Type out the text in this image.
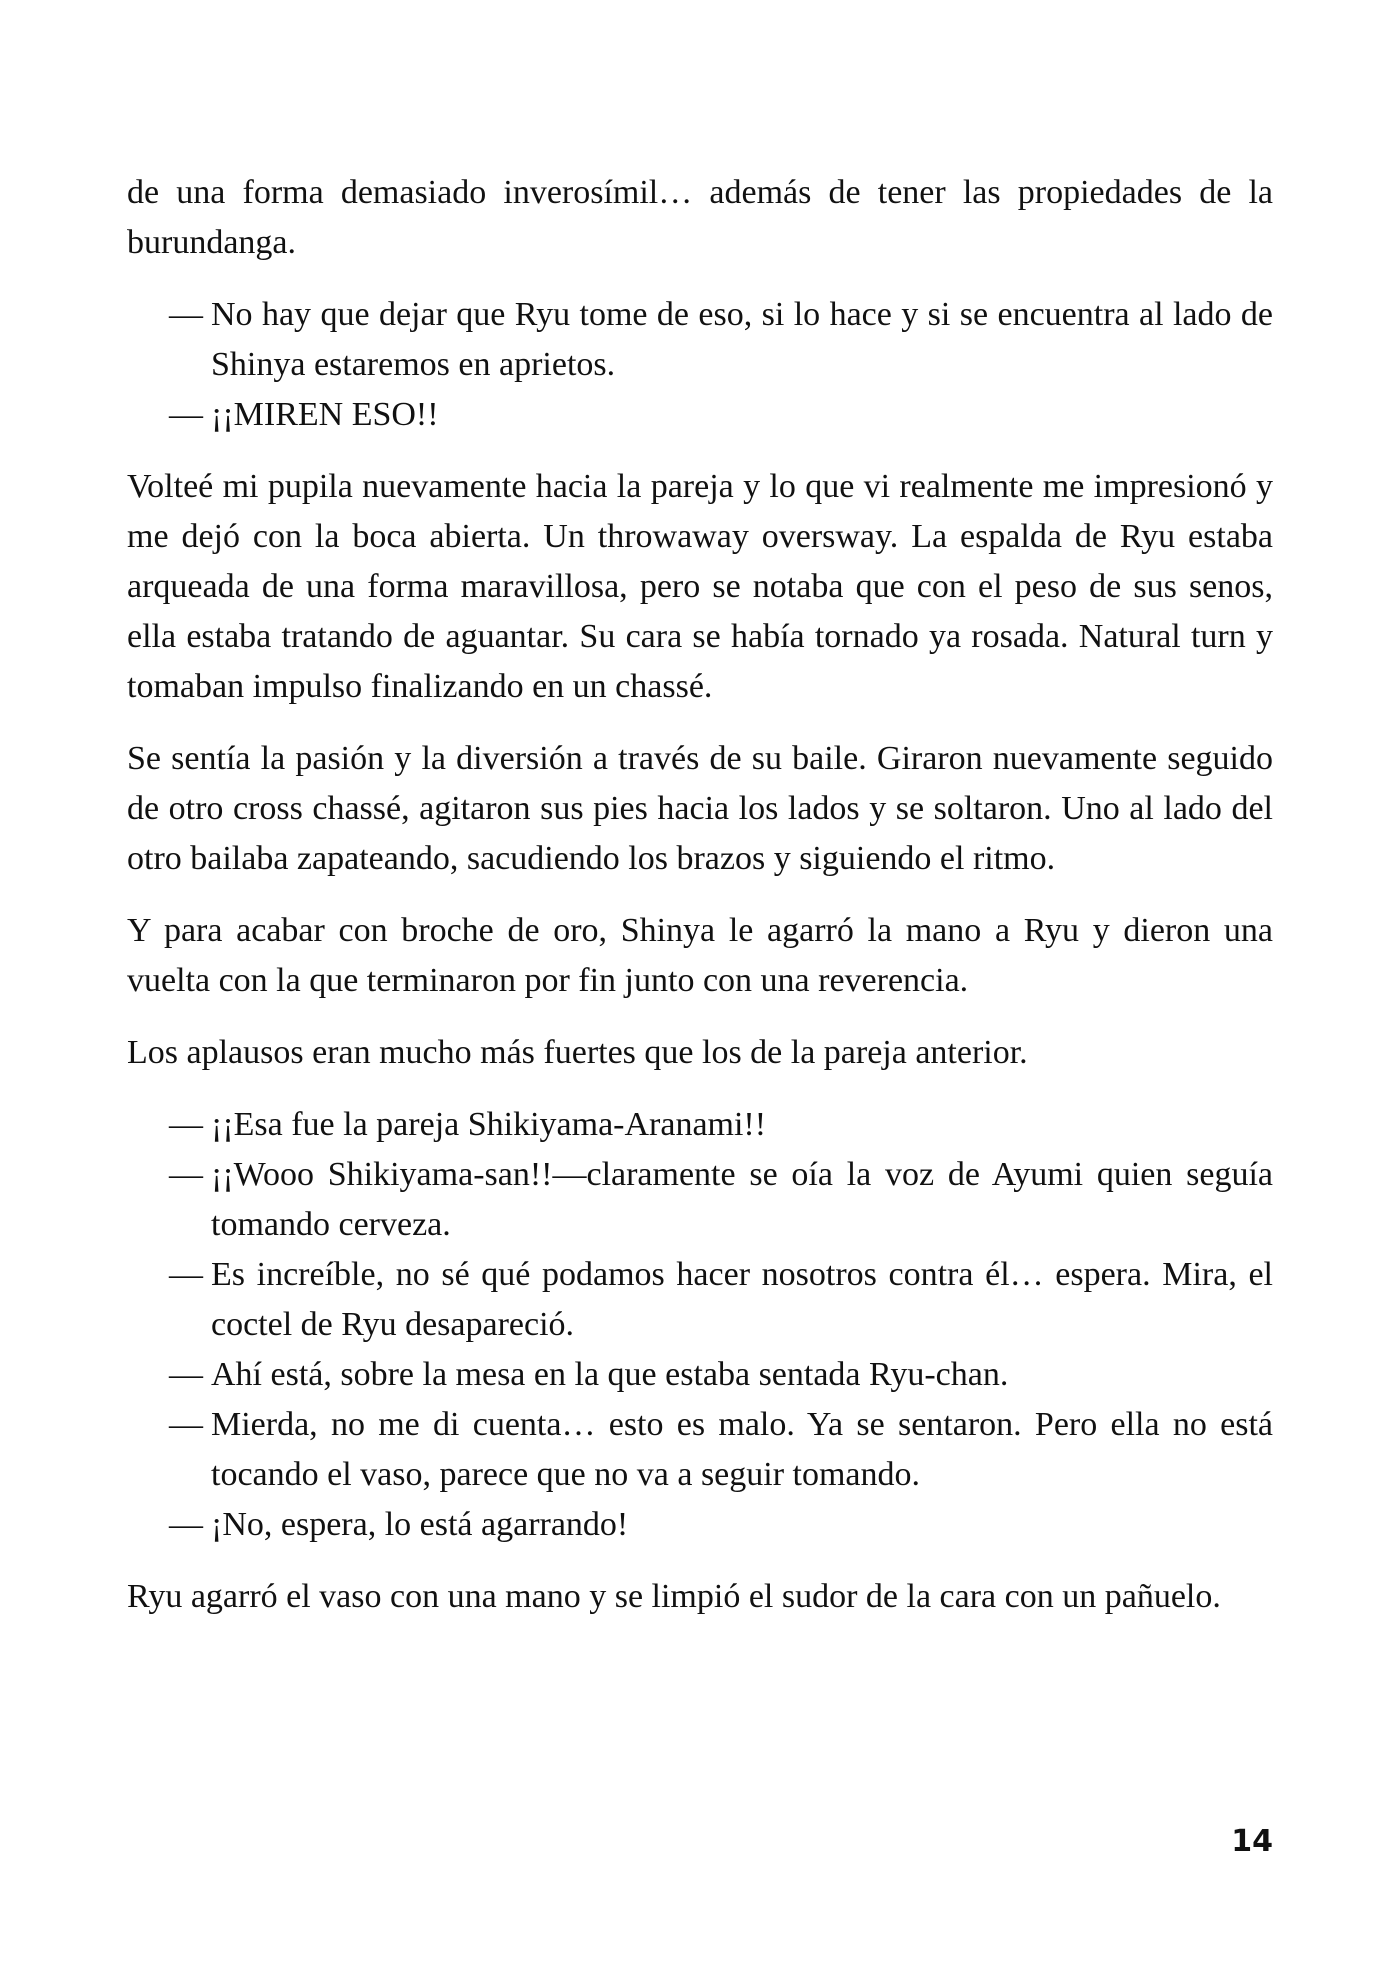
de una forma demasiado inverosímil… además de tener las propiedades de la burundanga.

— No hay que dejar que Ryu tome de eso, si lo hace y si se encuentra al lado de Shinya estaremos en aprietos.

— ¡¡MIREN ESO!!

Volteé mi pupila nuevamente hacia la pareja y lo que vi realmente me impresionó y me dejó con la boca abierta. Un throwaway oversway. La espalda de Ryu estaba arqueada de una forma maravillosa, pero se notaba que con el peso de sus senos, ella estaba tratando de aguantar. Su cara se había tornado ya rosada. Natural turn y tomaban impulso finalizando en un chassé.

Se sentía la pasión y la diversión a través de su baile. Giraron nuevamente seguido de otro cross chassé, agitaron sus pies hacia los lados y se soltaron. Uno al lado del otro bailaba zapateando, sacudiendo los brazos y siguiendo el ritmo.

Y para acabar con broche de oro, Shinya le agarró la mano a Ryu y dieron una vuelta con la que terminaron por fin junto con una reverencia.

Los aplausos eran mucho más fuertes que los de la pareja anterior.

— ¡¡Esa fue la pareja Shikiyama-Aranami!!

— ¡¡Wooo Shikiyama-san!!—claramente se oía la voz de Ayumi quien seguía tomando cerveza.

— Es increíble, no sé qué podamos hacer nosotros contra él… espera. Mira, el coctel de Ryu desapareció.

— Ahí está, sobre la mesa en la que estaba sentada Ryu-chan.

— Mierda, no me di cuenta… esto es malo. Ya se sentaron. Pero ella no está tocando el vaso, parece que no va a seguir tomando.

— ¡No, espera, lo está agarrando!

Ryu agarró el vaso con una mano y se limpió el sudor de la cara con un pañuelo.

14
